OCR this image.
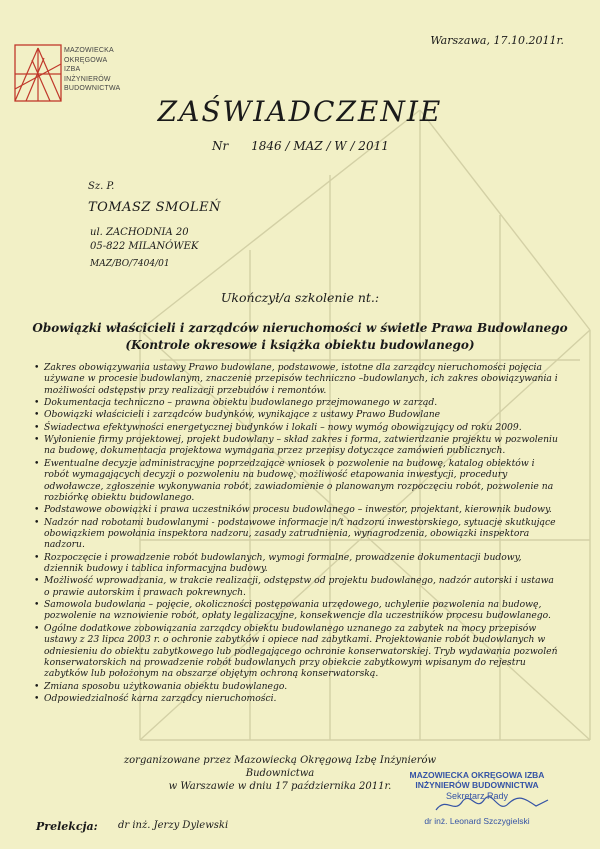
MAZOWIECKA
OKRĘGOWA
IZBA
INŻYNIERÓW
BUDOWNICTWA
Warszawa, 17.10.2011r.
ZAŚWIADCZENIE
Nr      1846 / MAZ / W / 2011
Sz. P.
TOMASZ SMOLEŃ
ul. ZACHODNIA 20
05-822 MILANÓWEK
MAZ/BO/7404/01
Ukończył/a szkolenie nt.:
Obowiązki właścicieli i zarządców nieruchomości w świetle Prawa Budowlanego
(Kontrole okresowe i książka obiektu budowlanego)
• Zakres obowiązywania ustawy Prawo budowlane, podstawowe, istotne dla zarządcy nieruchomości pojęcia używane w procesie budowlanym, znaczenie przepisów techniczno –budowlanych, ich zakres obowiązywania i możliwości odstępstw przy realizacji przebudów i remontów.
• Dokumentacja techniczno – prawna obiektu budowlanego przejmowanego w zarząd.
• Obowiązki właścicieli i zarządców budynków, wynikające z ustawy Prawo Budowlane
• Świadectwa efektywności energetycznej budynków i lokali – nowy wymóg obowiązujący od roku 2009.
• Wyłonienie firmy projektowej, projekt budowlany – skład zakres i forma, zatwierdzanie projektu w pozwoleniu na budowę, dokumentacja projektowa wymagana przez przepisy dotyczące zamówień publicznych.
• Ewentualne decyzje administracyjne poprzedzające wniosek o pozwolenie na budowę, katalog obiektów i robót wymagających decyzji o pozwoleniu na budowę, możliwość etapowania inwestycji, procedury odwoławcze, zgłoszenie wykonywania robót, zawiadomienie o planowanym rozpoczęciu robót, pozwolenie na rozbiórkę obiektu budowlanego.
• Podstawowe obowiązki i prawa uczestników procesu budowlanego – inwestor, projektant, kierownik budowy.
• Nadzór nad robotami budowlanymi - podstawowe informacje n/t nadzoru inwestorskiego, sytuacje skutkujące obowiązkiem powołania inspektora nadzoru, zasady zatrudnienia, wynagrodzenia, obowiązki inspektora nadzoru.
• Rozpoczęcie i prowadzenie robót budowlanych, wymogi formalne, prowadzenie dokumentacji budowy, dziennik budowy i tablica informacyjna budowy.
• Możliwość wprowadzania, w trakcie realizacji, odstępstw od projektu budowlanego, nadzór autorski i ustawa o prawie autorskim i prawach pokrewnych.
• Samowola budowlana – pojęcie, okoliczności postępowania urzędowego, uchylenie pozwolenia na budowę, pozwolenie na wznowienie robót, opłaty legalizacyjne, konsekwencje dla uczestników procesu budowlanego.
• Ogólne dodatkowe zobowiązania zarządcy obiektu budowlanego uznanego za zabytek na mocy przepisów ustawy z 23 lipca 2003 r. o ochronie zabytków i opiece nad zabytkami. Projektowanie robót budowlanych w odniesieniu do obiektu zabytkowego lub podlegającego ochronie konserwatorskiej. Tryb wydawania pozwoleń konserwatorskich na prowadzenie robót budowlanych przy obiekcie zabytkowym wpisanym do rejestru zabytków lub położonym na obszarze objętym ochroną konserwatorską.
• Zmiana sposobu użytkowania obiektu budowlanego.
• Odpowiedzialność karna zarządcy nieruchomości.
zorganizowane przez Mazowiecką Okręgową Izbę Inżynierów Budownictwa
w Warszawie w dniu 17 października 2011r.
MAZOWIECKA OKRĘGOWA IZBA
INŻYNIERÓW BUDOWNICTWA
Sekretarz Rady
dr inż. Leonard Szczygielski
Prelekcja: dr inż. Jerzy Dylewski
